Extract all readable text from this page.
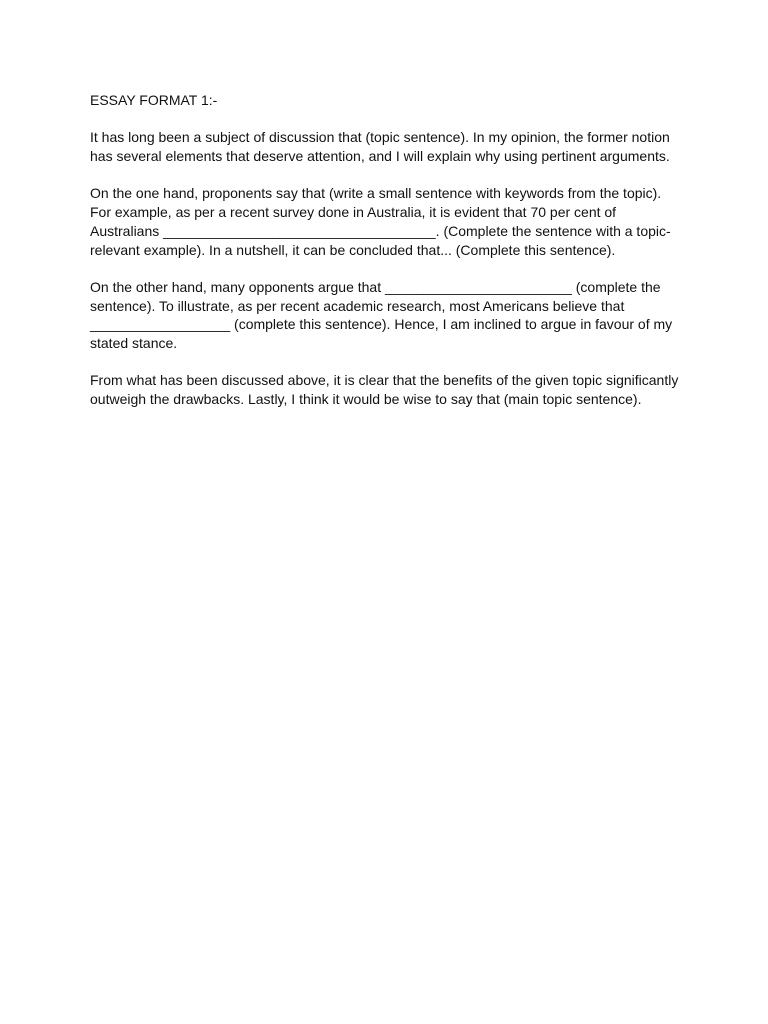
ESSAY FORMAT 1:-
It has long been a subject of discussion that (topic sentence). In my opinion, the former notion
has several elements that deserve attention, and I will explain why using pertinent arguments.
On the one hand, proponents say that (write a small sentence with keywords from the topic).
For example, as per a recent survey done in Australia, it is evident that 70 per cent of
Australians ___________________________________. (Complete the sentence with a topic-
relevant example). In a nutshell, it can be concluded that... (Complete this sentence).
On the other hand, many opponents argue that ________________________ (complete the
sentence). To illustrate, as per recent academic research, most Americans believe that
__________________ (complete this sentence). Hence, I am inclined to argue in favour of my
stated stance.
From what has been discussed above, it is clear that the benefits of the given topic significantly
outweigh the drawbacks. Lastly, I think it would be wise to say that (main topic sentence).
